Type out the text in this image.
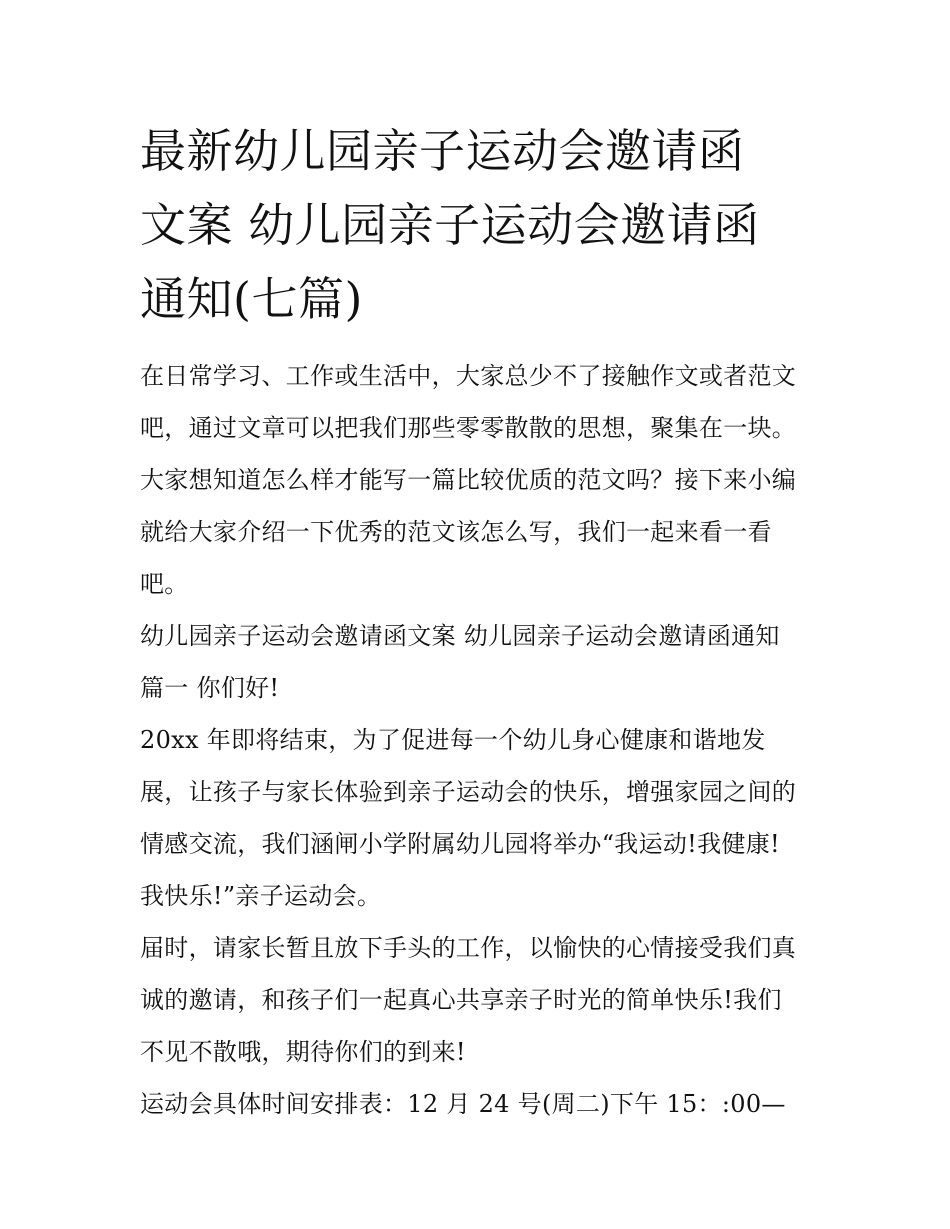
最新幼儿园亲子运动会邀请函
文案 幼儿园亲子运动会邀请函
通知(七篇)

在日常学习、工作或生活中，大家总少不了接触作文或者范文
吧，通过文章可以把我们那些零零散散的思想，聚集在一块。
大家想知道怎么样才能写一篇比较优质的范文吗？接下来小编
就给大家介绍一下优秀的范文该怎么写，我们一起来看一看
吧。

幼儿园亲子运动会邀请函文案 幼儿园亲子运动会邀请函通知
篇一 你们好!

20xx 年即将结束，为了促进每一个幼儿身心健康和谐地发
展，让孩子与家长体验到亲子运动会的快乐，增强家园之间的
情感交流，我们涵闸小学附属幼儿园将举办“我运动!我健康!
我快乐!”亲子运动会。

届时，请家长暂且放下手头的工作，以愉快的心情接受我们真
诚的邀请，和孩子们一起真心共享亲子时光的简单快乐!我们
不见不散哦，期待你们的到来!

运动会具体时间安排表：12 月 24 号(周二)下午 15：:00—
